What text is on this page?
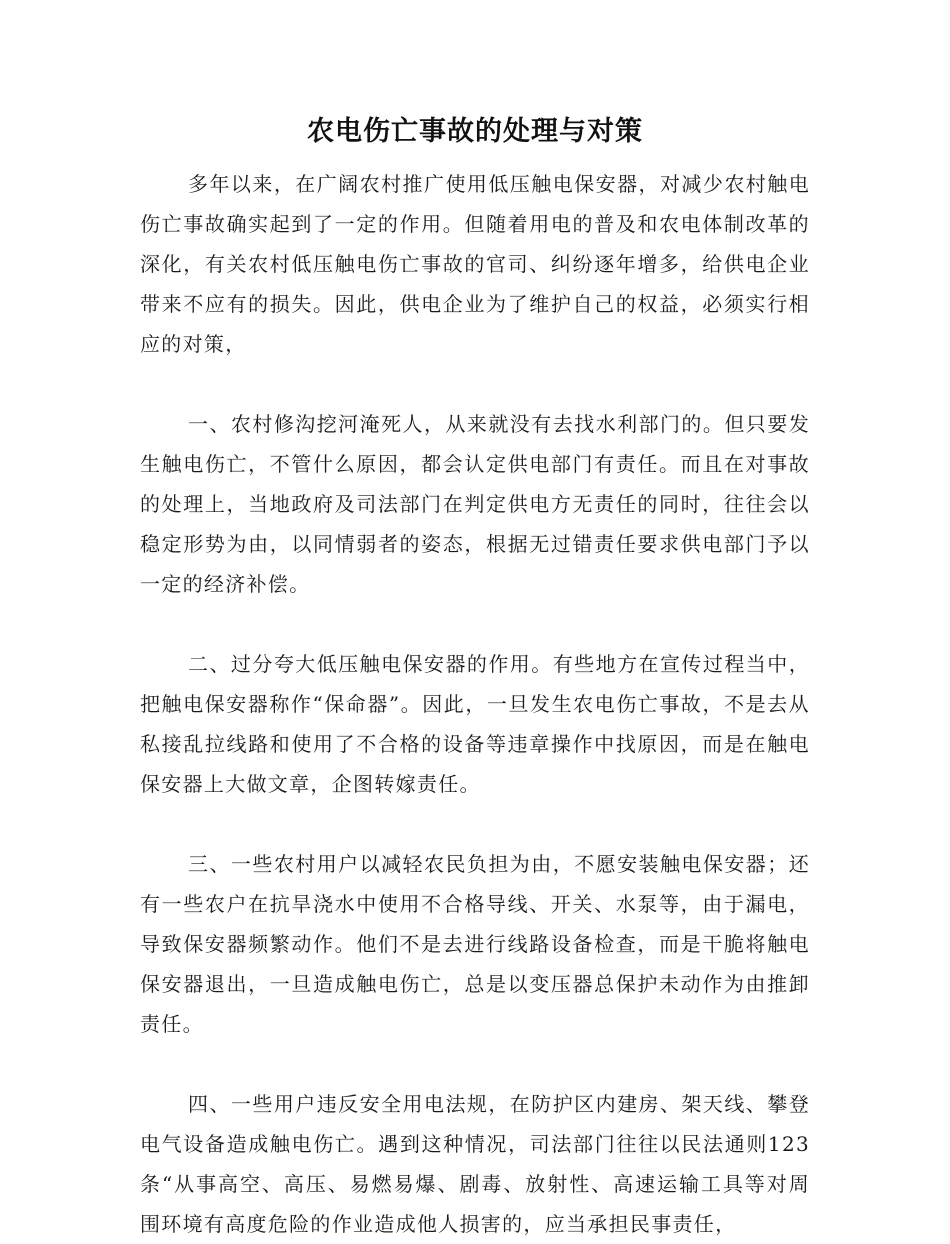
农电伤亡事故的处理与对策

多年以来，在广阔农村推广使用低压触电保安器，对减少农村触电伤亡事故确实起到了一定的作用。但随着用电的普及和农电体制改革的深化，有关农村低压触电伤亡事故的官司、纠纷逐年增多，给供电企业带来不应有的损失。因此，供电企业为了维护自己的权益，必须实行相应的对策，

一、农村修沟挖河淹死人，从来就没有去找水利部门的。但只要发生触电伤亡，不管什么原因，都会认定供电部门有责任。而且在对事故的处理上，当地政府及司法部门在判定供电方无责任的同时，往往会以稳定形势为由，以同情弱者的姿态，根据无过错责任要求供电部门予以一定的经济补偿。

二、过分夸大低压触电保安器的作用。有些地方在宣传过程当中，把触电保安器称作“保命器”。因此，一旦发生农电伤亡事故，不是去从私接乱拉线路和使用了不合格的设备等违章操作中找原因，而是在触电保安器上大做文章，企图转嫁责任。

三、一些农村用户以减轻农民负担为由，不愿安装触电保安器；还有一些农户在抗旱浇水中使用不合格导线、开关、水泵等，由于漏电，导致保安器频繁动作。他们不是去进行线路设备检查，而是干脆将触电保安器退出，一旦造成触电伤亡，总是以变压器总保护未动作为由推卸责任。

四、一些用户违反安全用电法规，在防护区内建房、架天线、攀登电气设备造成触电伤亡。遇到这种情况，司法部门往往以民法通则123条“从事高空、高压、易燃易爆、剧毒、放射性、高速运输工具等对周围环境有高度危险的作业造成他人损害的，应当承担民事责任，
